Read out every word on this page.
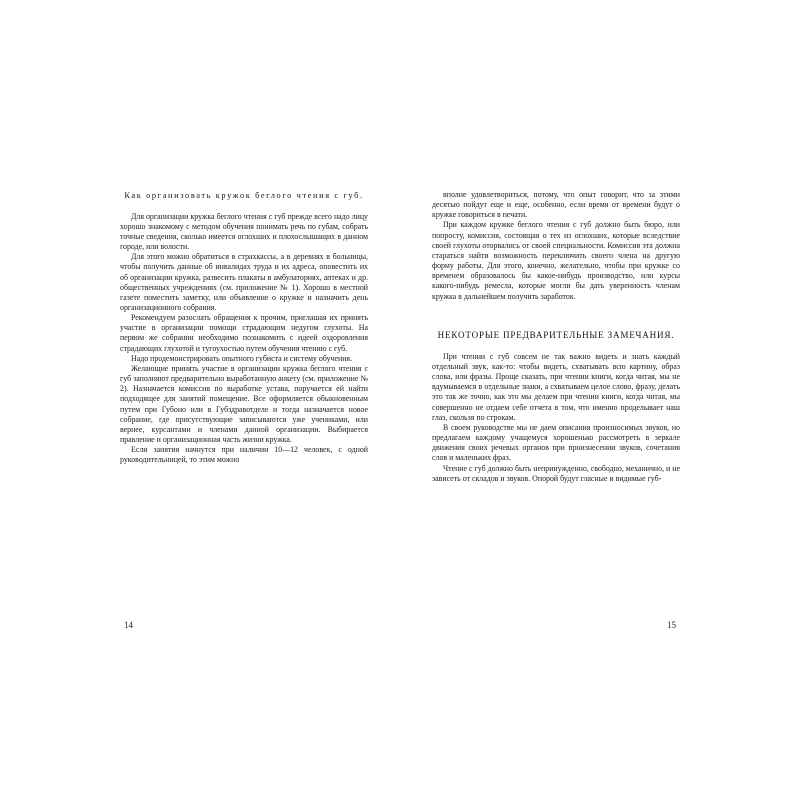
Как организовать кружок беглого чтения с губ.

Для организации кружка беглого чтения с губ прежде всего надо лицу хорошо знакомому с методом обучения понимать речь по губам, собрать точные сведения, сколько имеется оглохших и плохослышащих в данном городе, или волости.

Для этого можно обратиться в страхкассы, а в деревнях в больницы, чтобы получить данные об инвалидах труда и их адреса, оповестить их об организации кружка, развесить плакаты в амбулаториях, аптеках и др. общественных учреждениях (см. приложение № 1). Хорошо в местной газете поместить заметку, или объявление о кружке и назначить день организационного собрания.

Рекомендуем разослать обращения к прочим, приглашая их принять участие в организации помощи страдающим недугом глухоты. На первом же собрании необходимо познакомить с идеей оздоровления страдающих глухотой и тугоухостью путем обучения чтению с губ.

Надо продемонстрировать опытного губиста и систему обучения.

Желающие принять участие в организации кружка беглого чтения с губ заполняют предварительно выработанную анкету (см. приложение № 2). Назначается комиссия по выработке устава, поручается ей найти подходящее для занятий помещение. Все оформляется обыкновенным путем при Губоно или в Губздравотделе и тогда назначается новое собрание, где присутствующие записываются уже учениками, или вернее, курсантами и членами данной организации. Выбирается правление и организационная часть жизни кружка.

Если занятия начнутся при наличии 10—12 человек, с одной руководительницей, то этим можно

14

вполне удовлетвориться, потому, что опыт говорит, что за этими десятью пойдут еще и еще, особенно, если время от времени будут о кружке говориться в печати.

При каждом кружке беглого чтения с губ должно быть бюро, или попросту, комиссия, состоящая о тех из оглохших, которые вследствие своей глухоты оторвались от своей специальности. Комиссия эта должна стараться найти возможность переключить своего члена на другую форму работы. Для этого, конечно, желательно, чтобы при кружке со временем образовалось бы какое-нибудь производство, или курсы какого-нибудь ремесла, которые могли бы дать уверенность членам кружка в дальнейшем получить заработок.

НЕКОТОРЫЕ ПРЕДВАРИТЕЛЬНЫЕ ЗАМЕЧАНИЯ.

При чтении с губ совсем не так важно видеть и знать каждый отдельный звук, как-то: чтобы видеть, схватывать всю картину, образ слова, или фразы. Проще сказать, при чтении книги, когда читая, мы не вдумываемся в отдельные знаки, а схватываем целое слово, фразу, делать это так же точно, как это мы делаем при чтении книги, когда читая, мы совершенно не отдаем себе отчета в том, что именно проделывает наш глаз, скользя по строкам.

В своем руководстве мы не даем описания произносимых звуков, но предлагаем каждому учащемуся хорошенько рассмотреть в зеркале движения своих речевых органов при произнесении звуков, сочетания слов и маленьких фраз.

Чтение с губ должно быть непринужденно, свободно, механично, и не зависеть от складов и звуков. Опорой будут гласные и видимые губ-

15
